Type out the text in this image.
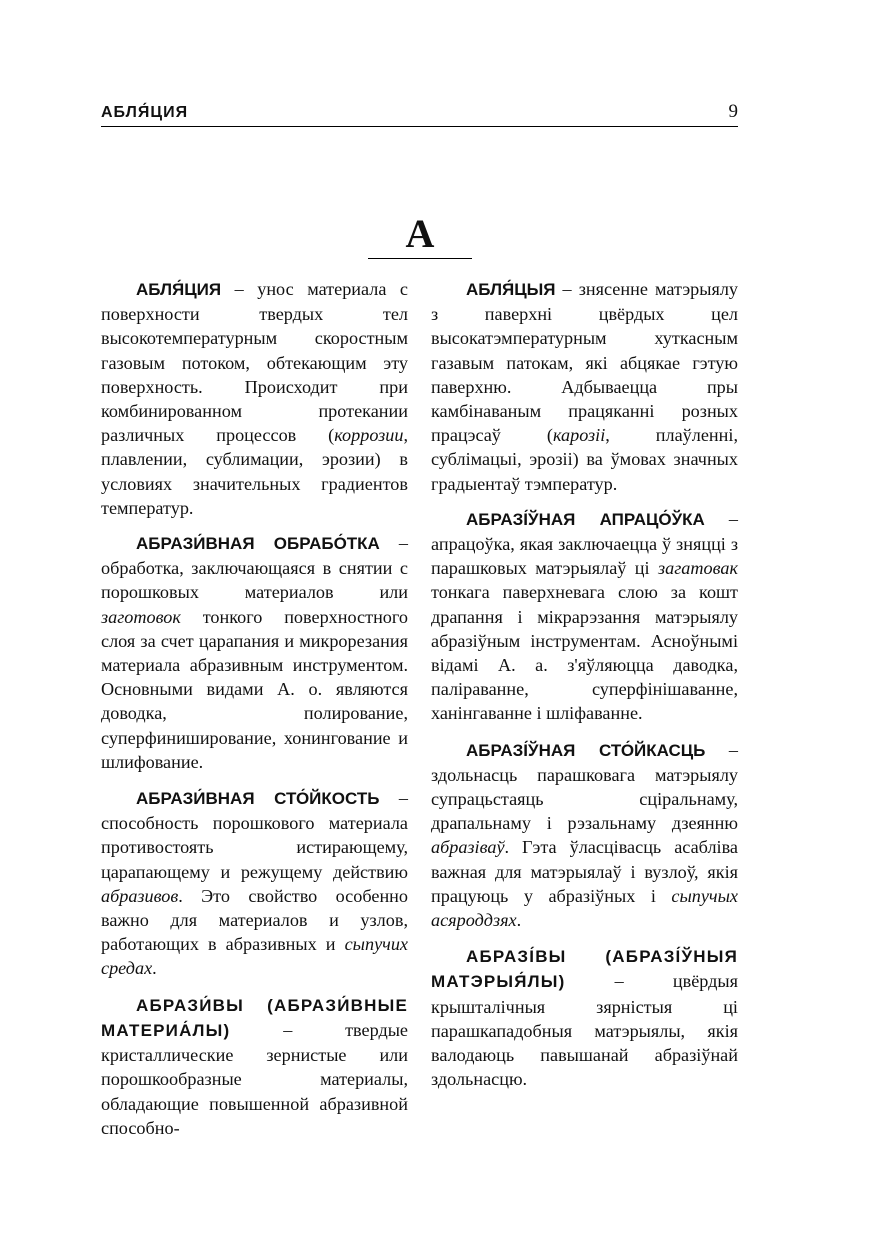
АБЛЯ́ЦИЯ	9
А

АБЛЯ́ЦИЯ – унос материала с поверхности твердых тел высокотемпературным скоростным газовым потоком, обтекающим эту поверхность. Происходит при комбинированном протекании различных процессов (коррозии, плавлении, сублимации, эрозии) в условиях значительных градиентов температур.

АБРАЗИ́ВНАЯ ОБРАБО́ТКА – обработка, заключающаяся в снятии с порошковых материалов или заготовок тонкого поверхностного слоя за счет царапания и микрорезания материала абразивным инструментом. Основными видами А. о. являются доводка, полирование, суперфиниширование, хонингование и шлифование.

АБРАЗИ́ВНАЯ СТО́ЙКОСТЬ – способность порошкового материала противостоять истирающему, царапающему и режущему действию абразивов. Это свойство особенно важно для материалов и узлов, работающих в абразивных и сыпучих средах.

АБРАЗИ́ВЫ (АБРАЗИ́ВНЫЕ МАТЕРИА́ЛЫ) – твердые кристаллические зернистые или порошкообразные материалы, обладающие повышенной абразивной способно-

АБЛЯ́ЦЫЯ – знясенне матэрыялу з паверхні цвёрдых цел высокатэмпературным хуткасным газавым патокам, які абцякае гэтую паверхню. Адбываецца пры камбінаваным працяканні розных працэсаў (карозіі, плаўленні, сублімацыі, эрозіі) ва ўмовах значных градыентаў тэмператур.

АБРАЗІ́ЎНАЯ АПРАЦО́ЎКА – апрацоўка, якая заключаецца ў зняцці з парашковых матэрыялаў ці загатовак тонкага паверхневага слою за кошт драпання і мікрарэзання матэрыялу абразіўным інструментам. Асноўнымі відамі А. а. з'яўляюцца даводка, паліраванне, суперфінішаванне, ханінгаванне і шліфаванне.

АБРАЗІ́ЎНАЯ СТО́ЙКАСЦЬ – здольнасць парашковага матэрыялу супрацьстаяць сціральнаму, драпальнаму і рэзальнаму дзеянню абразіваў. Гэта ўласцівасць асабліва важная для матэрыялаў і вузлоў, якія працуюць у абразіўных і сыпучых асяроддзях.

АБРАЗІ́ВЫ (АБРАЗІ́ЎНЫЯ МАТЭРЫЯ́ЛЫ) – цвёрдыя крышталічныя зярністыя ці парашкападобныя матэрыялы, якія валодаюць павышанай абразіўнай здольнасцю.
